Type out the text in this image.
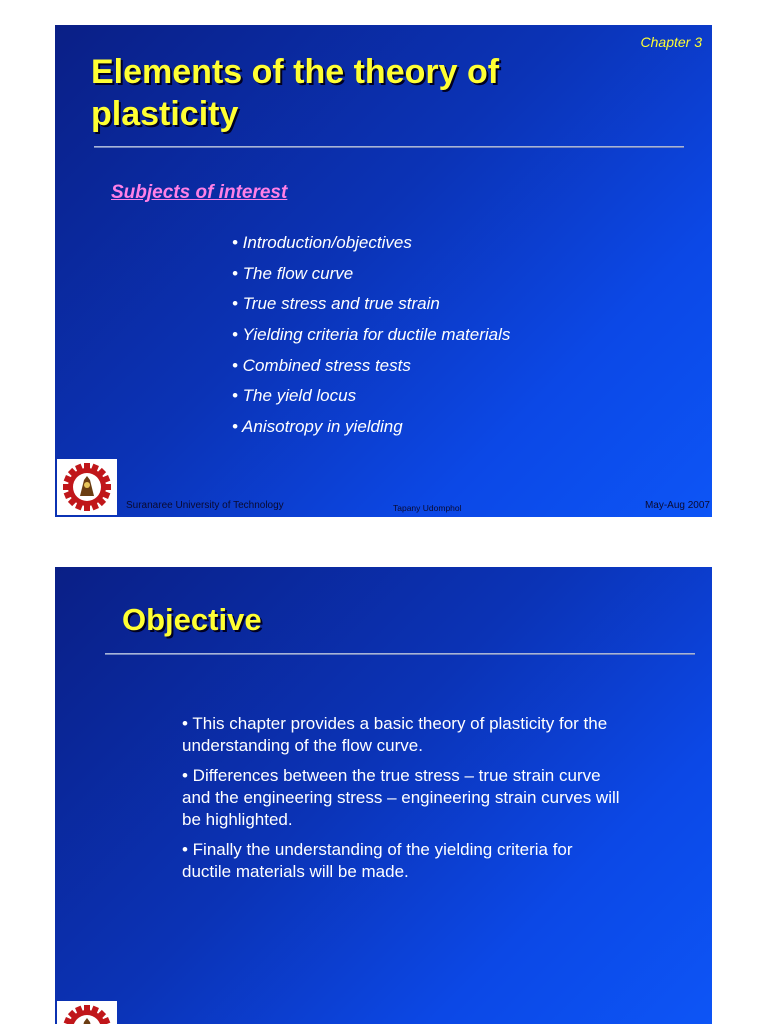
Chapter 3
Elements of the theory of plasticity
Subjects of interest
• Introduction/objectives
• The flow curve
• True stress and true strain
• Yielding criteria for ductile materials
• Combined stress tests
• The yield locus
• Anisotropy in yielding
Suranaree University of Technology	Tapany Udomphol	May-Aug 2007
Objective
• This chapter provides a basic theory of plasticity for the understanding of the flow curve.
• Differences between the true stress – true strain curve and the engineering stress – engineering strain curves will be highlighted.
• Finally the understanding of the yielding criteria for ductile materials will be made.
